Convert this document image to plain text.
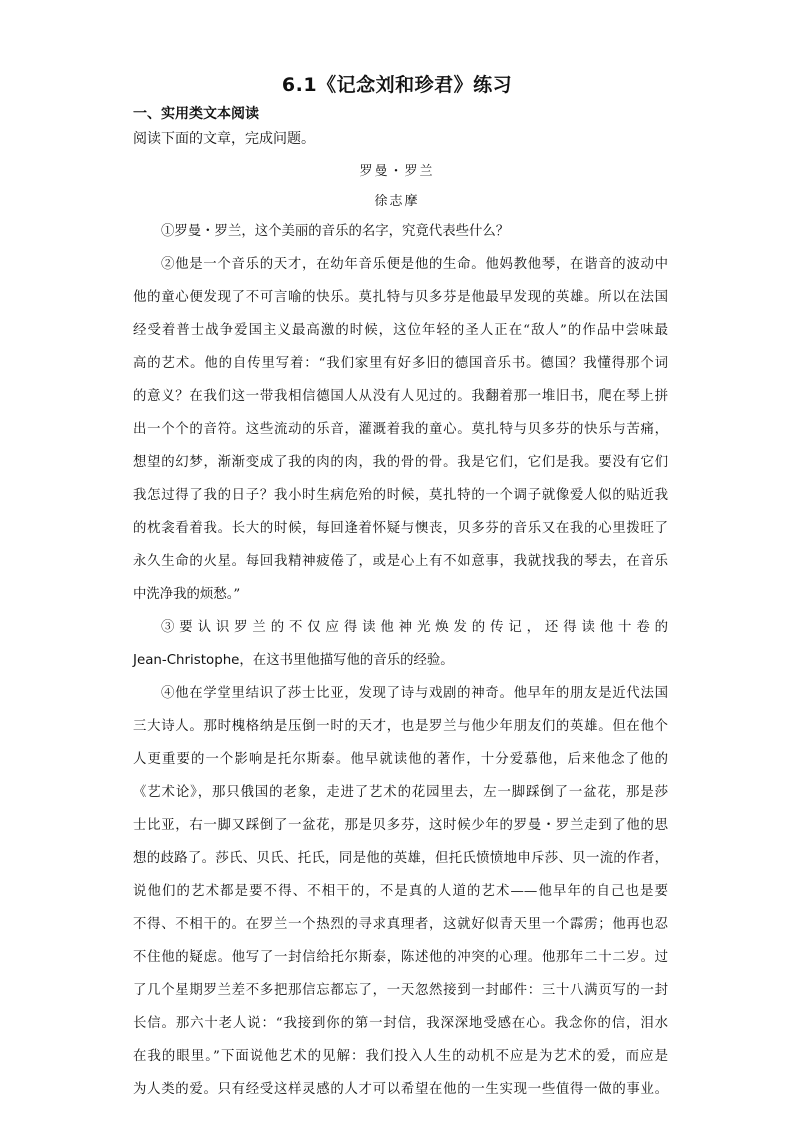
6.1《记念刘和珍君》练习
一、实用类文本阅读
阅读下面的文章，完成问题。
罗曼・罗兰
徐志摩
①罗曼・罗兰，这个美丽的音乐的名字，究竟代表些什么？
②他是一个音乐的天才，在幼年音乐便是他的生命。他妈教他琴，在谐音的波动中
他的童心便发现了不可言喻的快乐。莫扎特与贝多芬是他最早发现的英雄。所以在法国
经受着普士战争爱国主义最高激的时候，这位年轻的圣人正在“敌人”的作品中尝味最
高的艺术。他的自传里写着：“我们家里有好多旧的德国音乐书。德国？我懂得那个词
的意义？在我们这一带我相信德国人从没有人见过的。我翻着那一堆旧书，爬在琴上拼
出一个个的音符。这些流动的乐音，灌溉着我的童心。莫扎特与贝多芬的快乐与苦痛，
想望的幻梦，渐渐变成了我的肉的肉，我的骨的骨。我是它们，它们是我。要没有它们
我怎过得了我的日子？我小时生病危殆的时候，莫扎特的一个调子就像爱人似的贴近我
的枕衾看着我。长大的时候，每回逢着怀疑与懊丧，贝多芬的音乐又在我的心里拨旺了
永久生命的火星。每回我精神疲倦了，或是心上有不如意事，我就找我的琴去，在音乐
中洗净我的烦愁。”
③要认识罗兰的不仅应得读他神光焕发的传记，还得读他十卷的
Jean-Christophe，在这书里他描写他的音乐的经验。
④他在学堂里结识了莎士比亚，发现了诗与戏剧的神奇。他早年的朋友是近代法国
三大诗人。那时槐格纳是压倒一时的天才，也是罗兰与他少年朋友们的英雄。但在他个
人更重要的一个影响是托尔斯泰。他早就读他的著作，十分爱慕他，后来他念了他的
《艺术论》，那只俄国的老象，走进了艺术的花园里去，左一脚踩倒了一盆花，那是莎
士比亚，右一脚又踩倒了一盆花，那是贝多芬，这时候少年的罗曼・罗兰走到了他的思
想的歧路了。莎氏、贝氏、托氏，同是他的英雄，但托氏愤愤地申斥莎、贝一流的作者，
说他们的艺术都是要不得、不相干的，不是真的人道的艺术——他早年的自己也是要
不得、不相干的。在罗兰一个热烈的寻求真理者，这就好似青天里一个霹雳；他再也忍
不住他的疑虑。他写了一封信给托尔斯泰，陈述他的冲突的心理。他那年二十二岁。过
了几个星期罗兰差不多把那信忘都忘了，一天忽然接到一封邮件：三十八满页写的一封
长信。那六十老人说：“我接到你的第一封信，我深深地受感在心。我念你的信，泪水
在我的眼里。”下面说他艺术的见解：我们投入人生的动机不应是为艺术的爱，而应是
为人类的爱。只有经受这样灵感的人才可以希望在他的一生实现一些值得一做的事业。
